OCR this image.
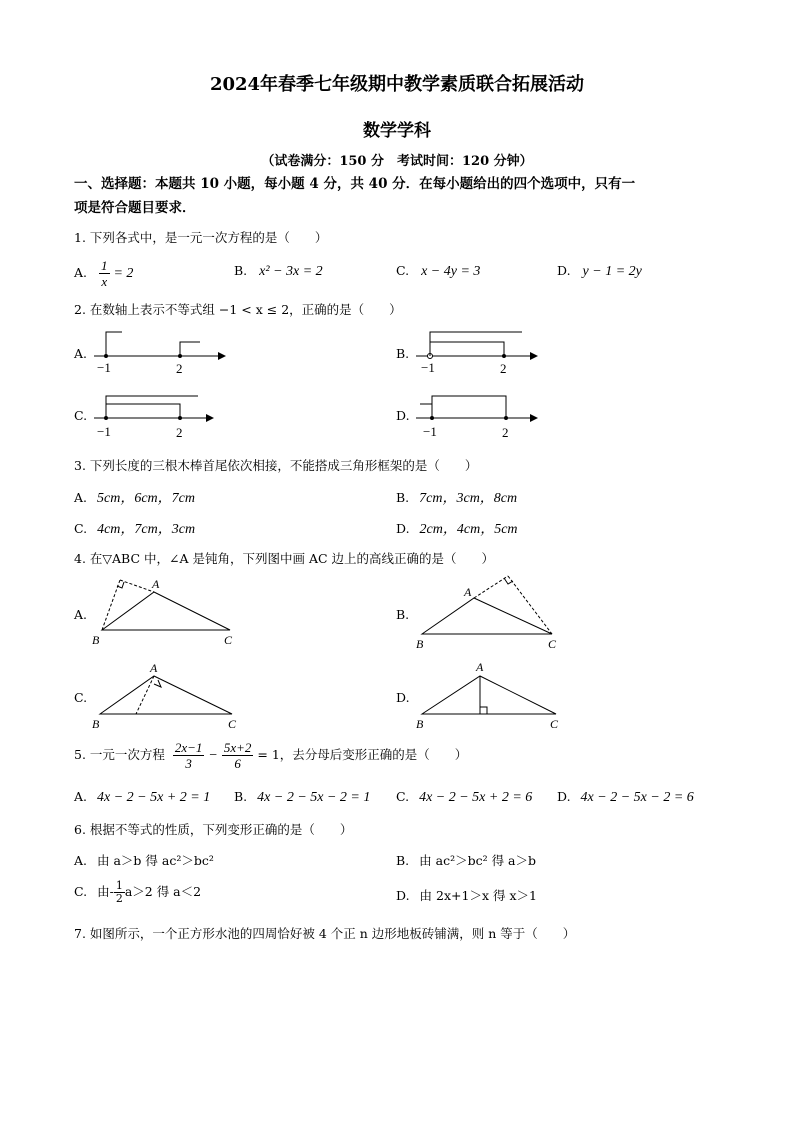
2024年春季七年级期中教学素质联合拓展活动
数学学科
（试卷满分：150 分　考试时间：120 分钟）
一、选择题：本题共 10 小题，每小题 4 分，共 40 分．在每小题给出的四个选项中，只有一
项是符合题目要求．
1. 下列各式中，是一元一次方程的是（　　）
A. $\frac{1}{x} = 2$	B. x² − 3x = 2	C. x − 4y = 3	D. y − 1 = 2y
2. 在数轴上表示不等式组 −1 < x ≤ 2，正确的是（　　）
A.
−1	2
B.
−1	2
C.
−1	2
D.
−1	2
3. 下列长度的三根木棒首尾依次相接，不能搭成三角形框架的是（　　）
A. 5cm，6cm，7cm	B. 7cm，3cm，8cm
C. 4cm，7cm，3cm	D. 2cm，4cm，5cm
4. 在▽ABC 中，∠A 是钝角，下列图中画 AC 边上的高线正确的是（　　）
A.
A
B	C
B.
A
B	C
C.
A
B	C
D.
A
B	C
5. 一元一次方程 $\frac{2x-1}{3} - \frac{5x+2}{6} = 1$，去分母后变形正确的是（　　）
A. 4x − 2 − 5x + 2 = 1 B. 4x − 2 − 5x − 2 = 1 C. 4x − 2 − 5x + 2 = 6 D. 4x − 2 − 5x − 2 = 6
6. 根据不等式的性质，下列变形正确的是（　　）
A. 由 a＞b 得 ac²＞bc²	B. 由 ac²＞bc² 得 a＞b
C. 由- $\frac{1}{2} a>2$ 得 a＜2	D. 由 2x+1＞x 得 x＞1
7. 如图所示，一个正方形水池的四周恰好被 4 个正 n 边形地板砖铺满，则 n 等于（　　）
